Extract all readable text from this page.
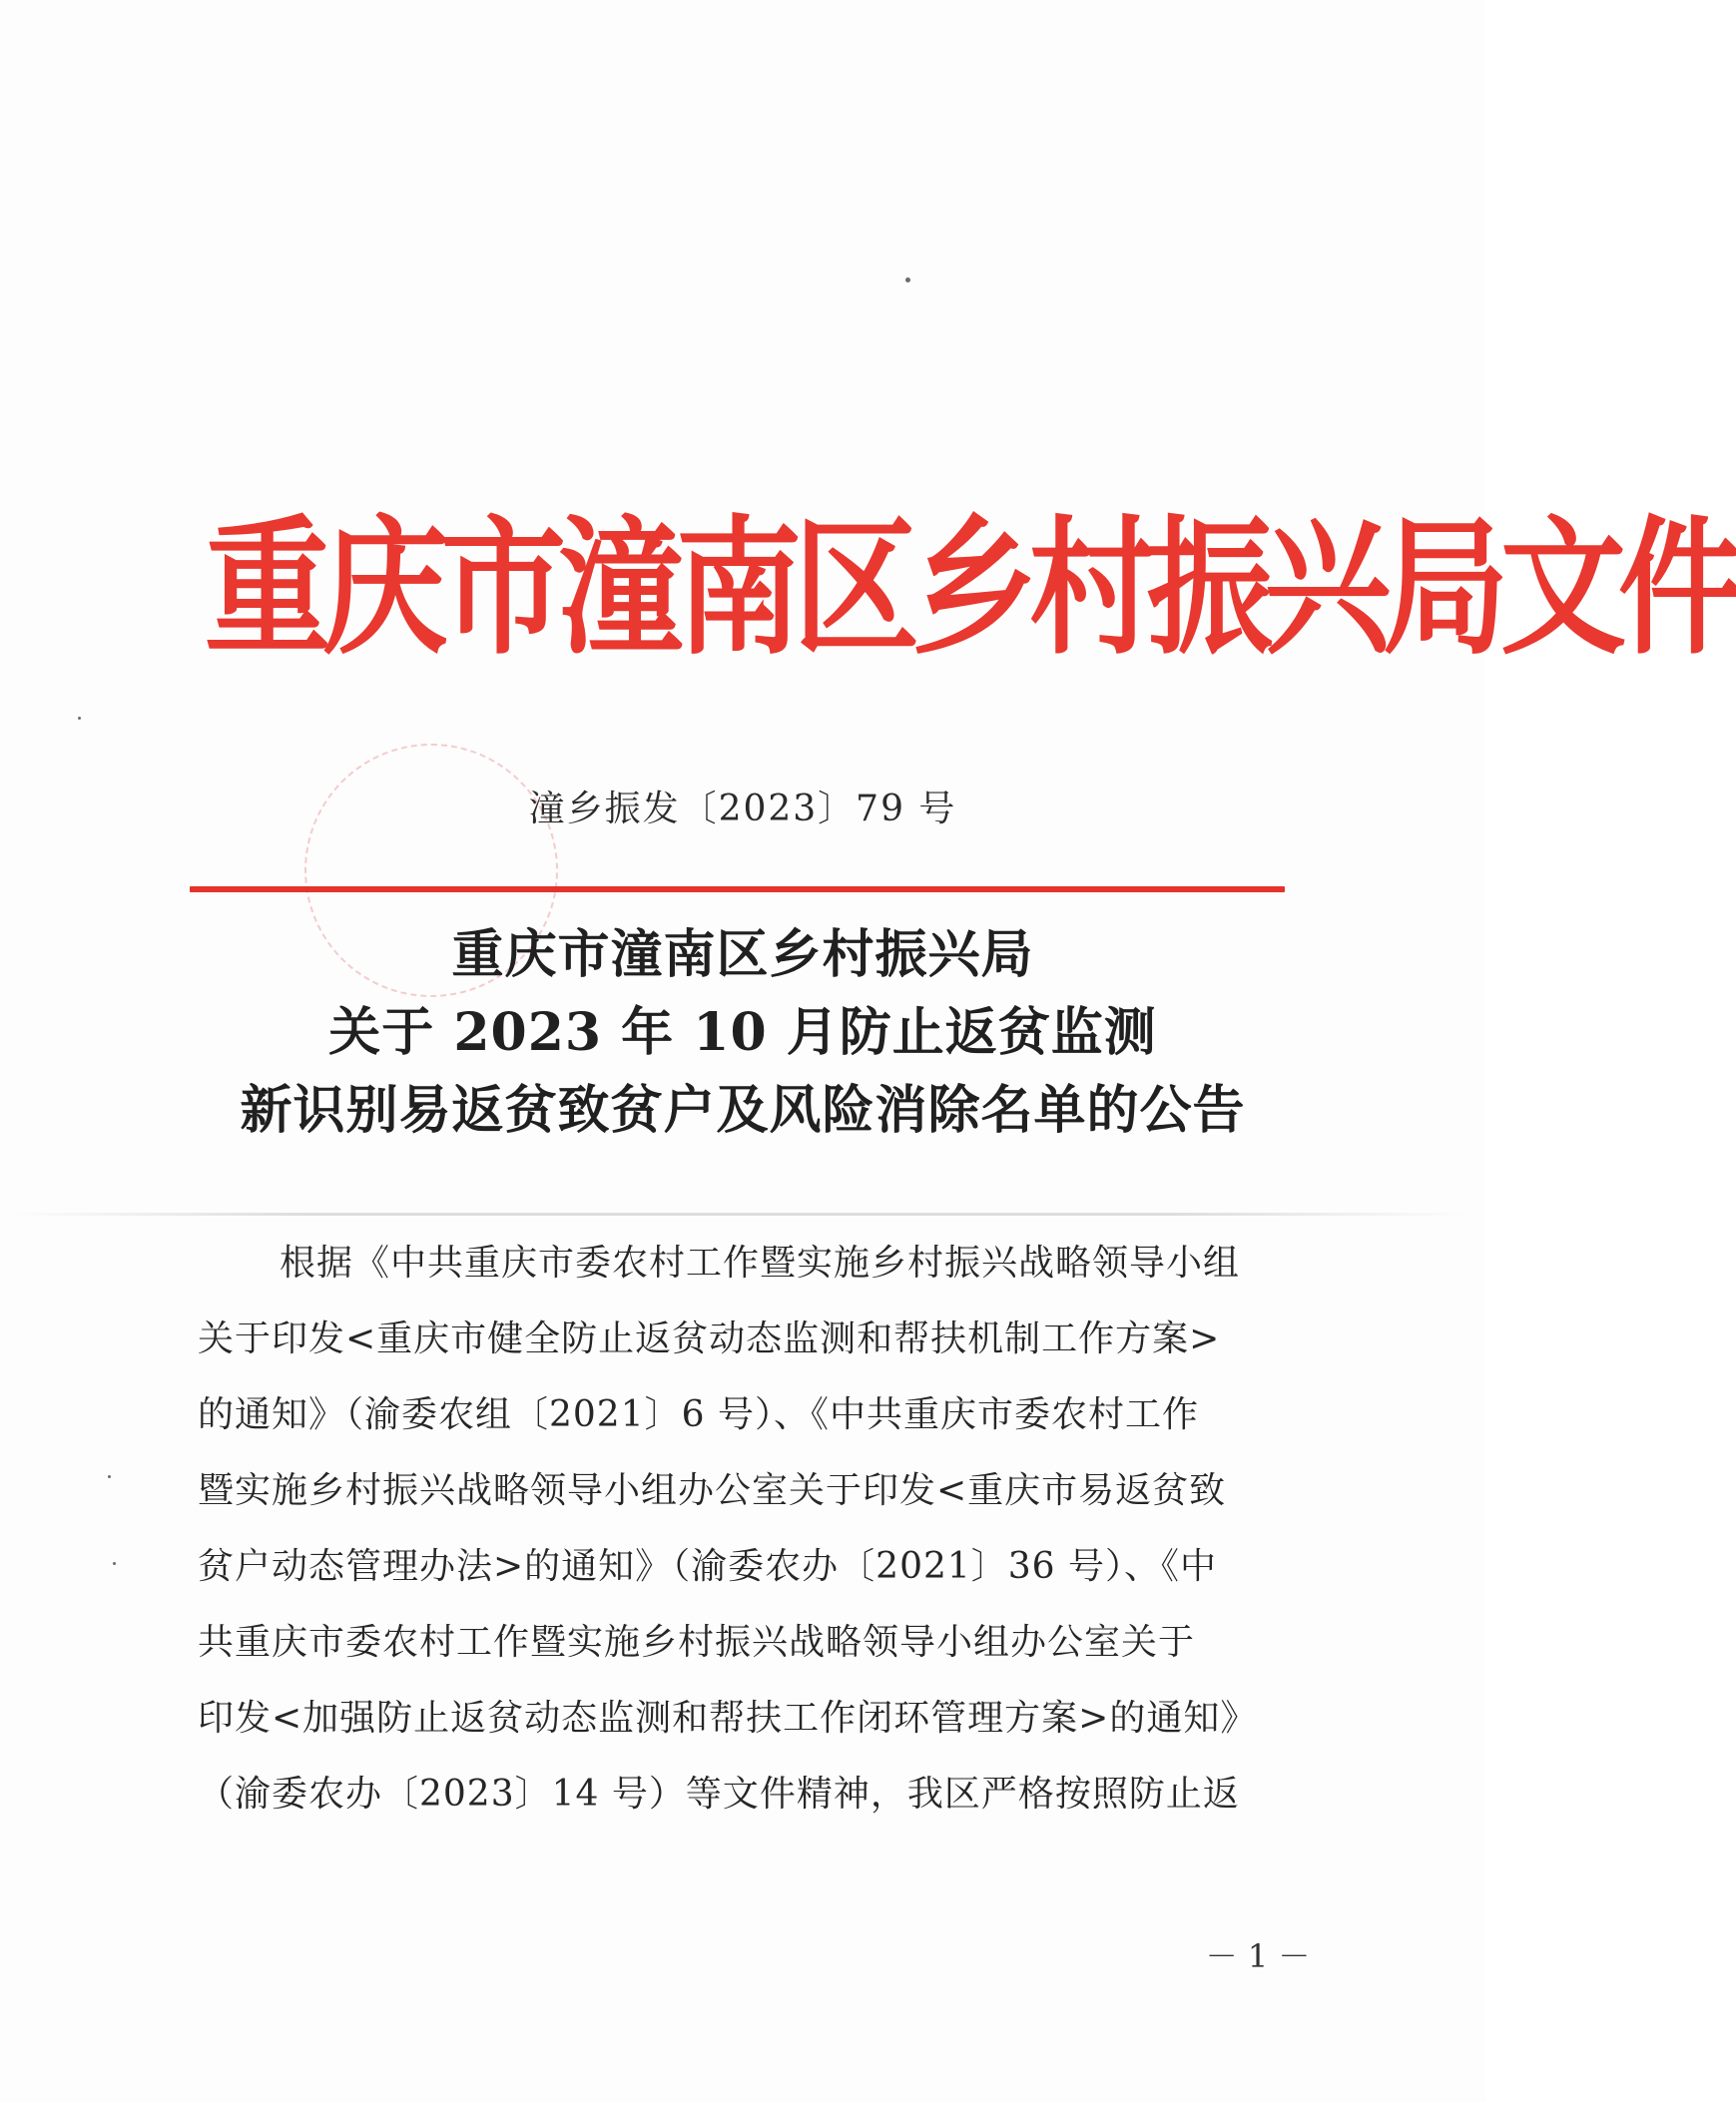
重庆市潼南区乡村振兴局文件
潼乡振发〔2023〕79 号
重庆市潼南区乡村振兴局
关于 2023 年 10 月防止返贫监测
新识别易返贫致贫户及风险消除名单的公告
根据《中共重庆市委农村工作暨实施乡村振兴战略领导小组
关于印发<重庆市健全防止返贫动态监测和帮扶机制工作方案>
的通知》（渝委农组〔2021〕6 号）、《中共重庆市委农村工作
暨实施乡村振兴战略领导小组办公室关于印发<重庆市易返贫致
贫户动态管理办法>的通知》（渝委农办〔2021〕36 号）、《中
共重庆市委农村工作暨实施乡村振兴战略领导小组办公室关于
印发<加强防止返贫动态监测和帮扶工作闭环管理方案>的通知》
（渝委农办〔2023〕14 号）等文件精神，我区严格按照防止返
－ 1 －
